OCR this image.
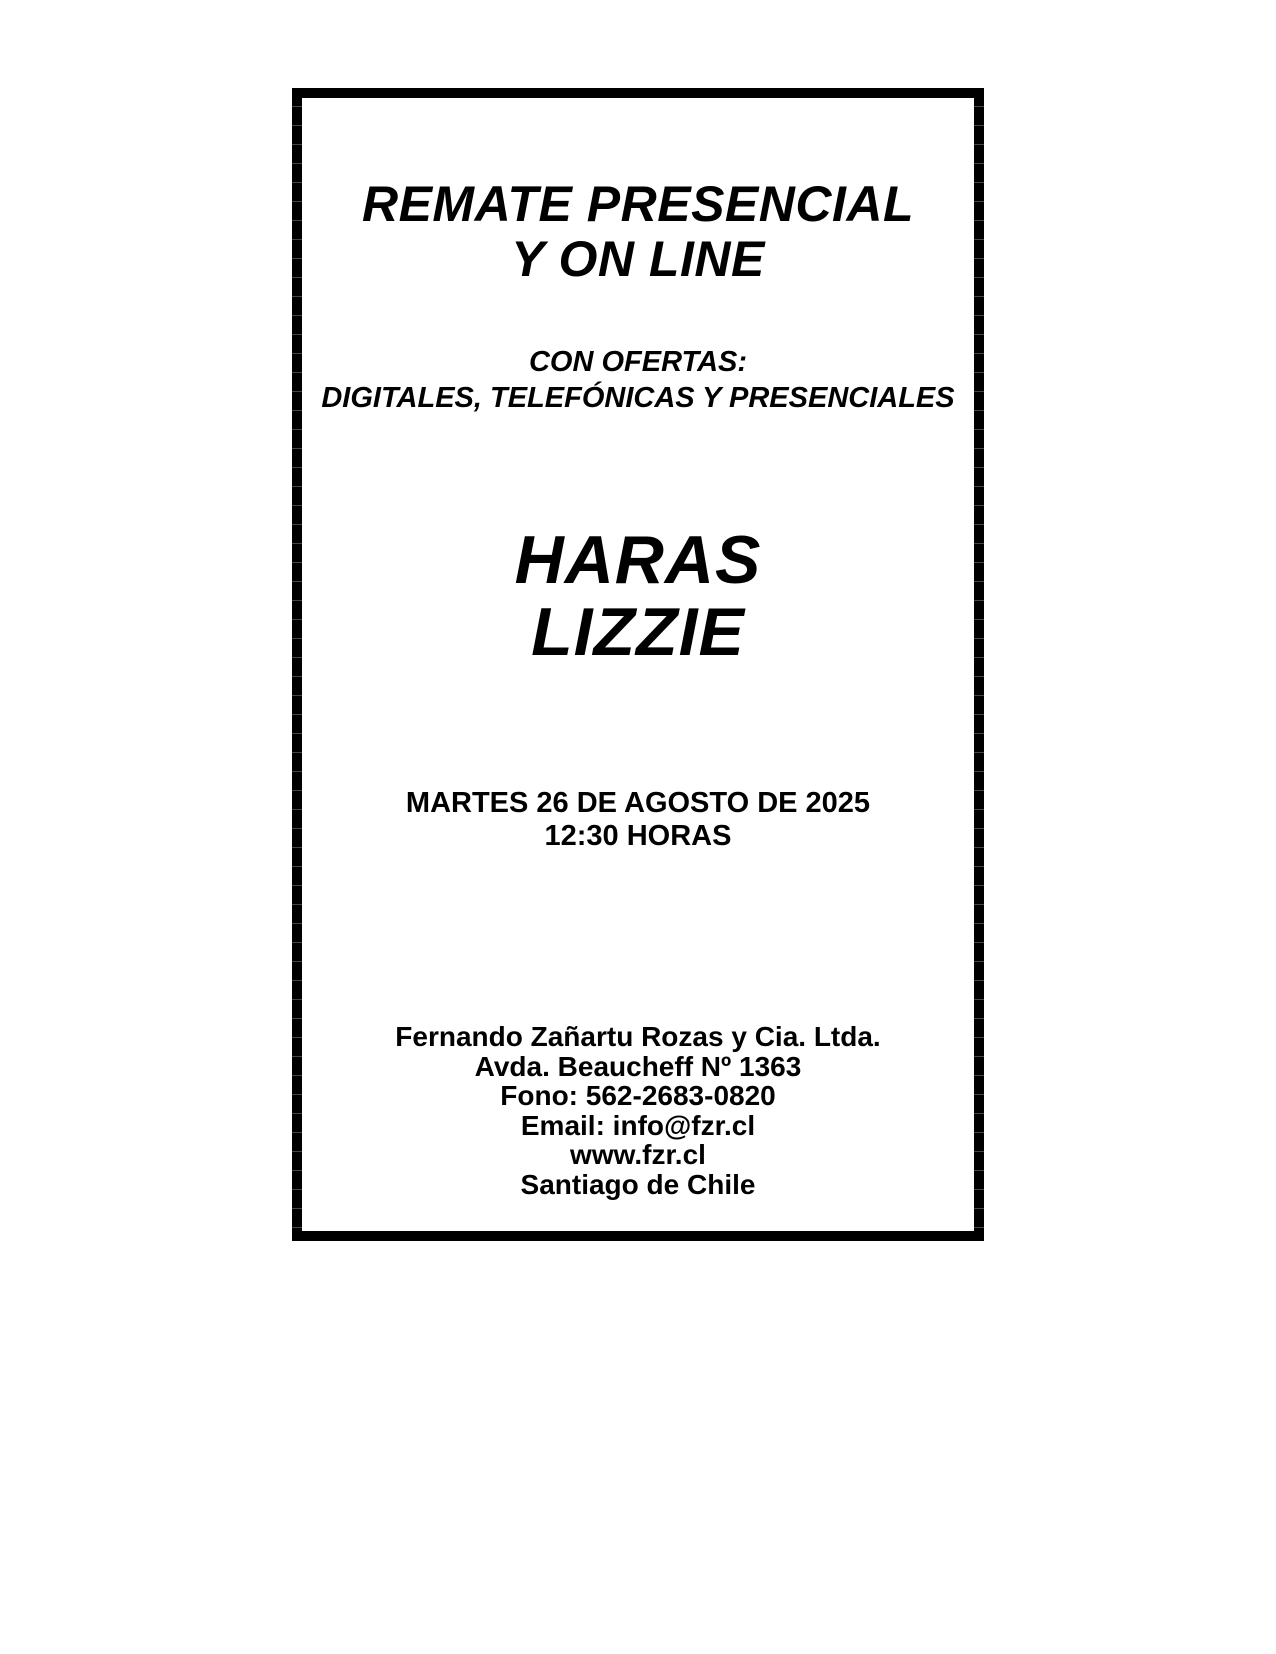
REMATE PRESENCIAL
Y ON LINE
CON OFERTAS:
DIGITALES, TELEFÓNICAS Y PRESENCIALES
HARAS
LIZZIE
MARTES 26 DE AGOSTO DE 2025
12:30 HORAS
Fernando Zañartu Rozas y Cia. Ltda.
Avda. Beaucheff Nº 1363
Fono: 562-2683-0820
Email: info@fzr.cl
www.fzr.cl
Santiago de Chile
